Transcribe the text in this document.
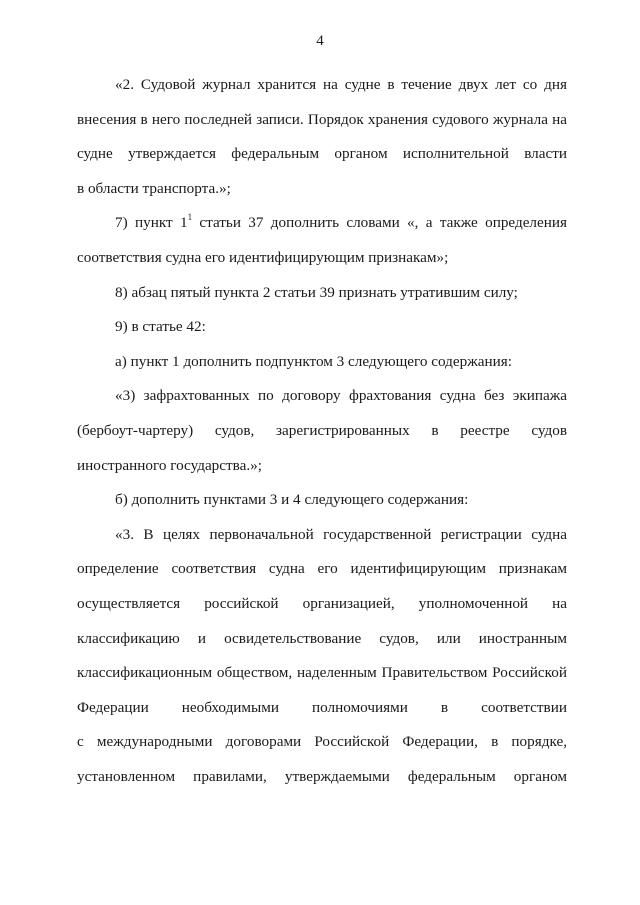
4
«2. Судовой журнал хранится на судне в течение двух лет со дня
внесения в него последней записи. Порядок хранения судового журнала на
судне утверждается федеральным органом исполнительной власти
в области транспорта.»;
7) пункт $1^1$ статьи 37 дополнить словами «, а также определения
соответствия судна его идентифицирующим признакам»;
8) абзац пятый пункта 2 статьи 39 признать утратившим силу;
9) в статье 42:
а) пункт 1 дополнить подпунктом 3 следующего содержания:
«3) зафрахтованных по договору фрахтования судна без экипажа
(бербоут-чартеру) судов, зарегистрированных в реестре судов
иностранного государства.»;
б) дополнить пунктами 3 и 4 следующего содержания:
«3. В целях первоначальной государственной регистрации судна
определение соответствия судна его идентифицирующим признакам
осуществляется российской организацией, уполномоченной на
классификацию и освидетельствование судов, или иностранным
классификационным обществом, наделенным Правительством Российской
Федерации необходимыми полномочиями в соответствии
с международными договорами Российской Федерации, в порядке,
установленном правилами, утверждаемыми федеральным органом
